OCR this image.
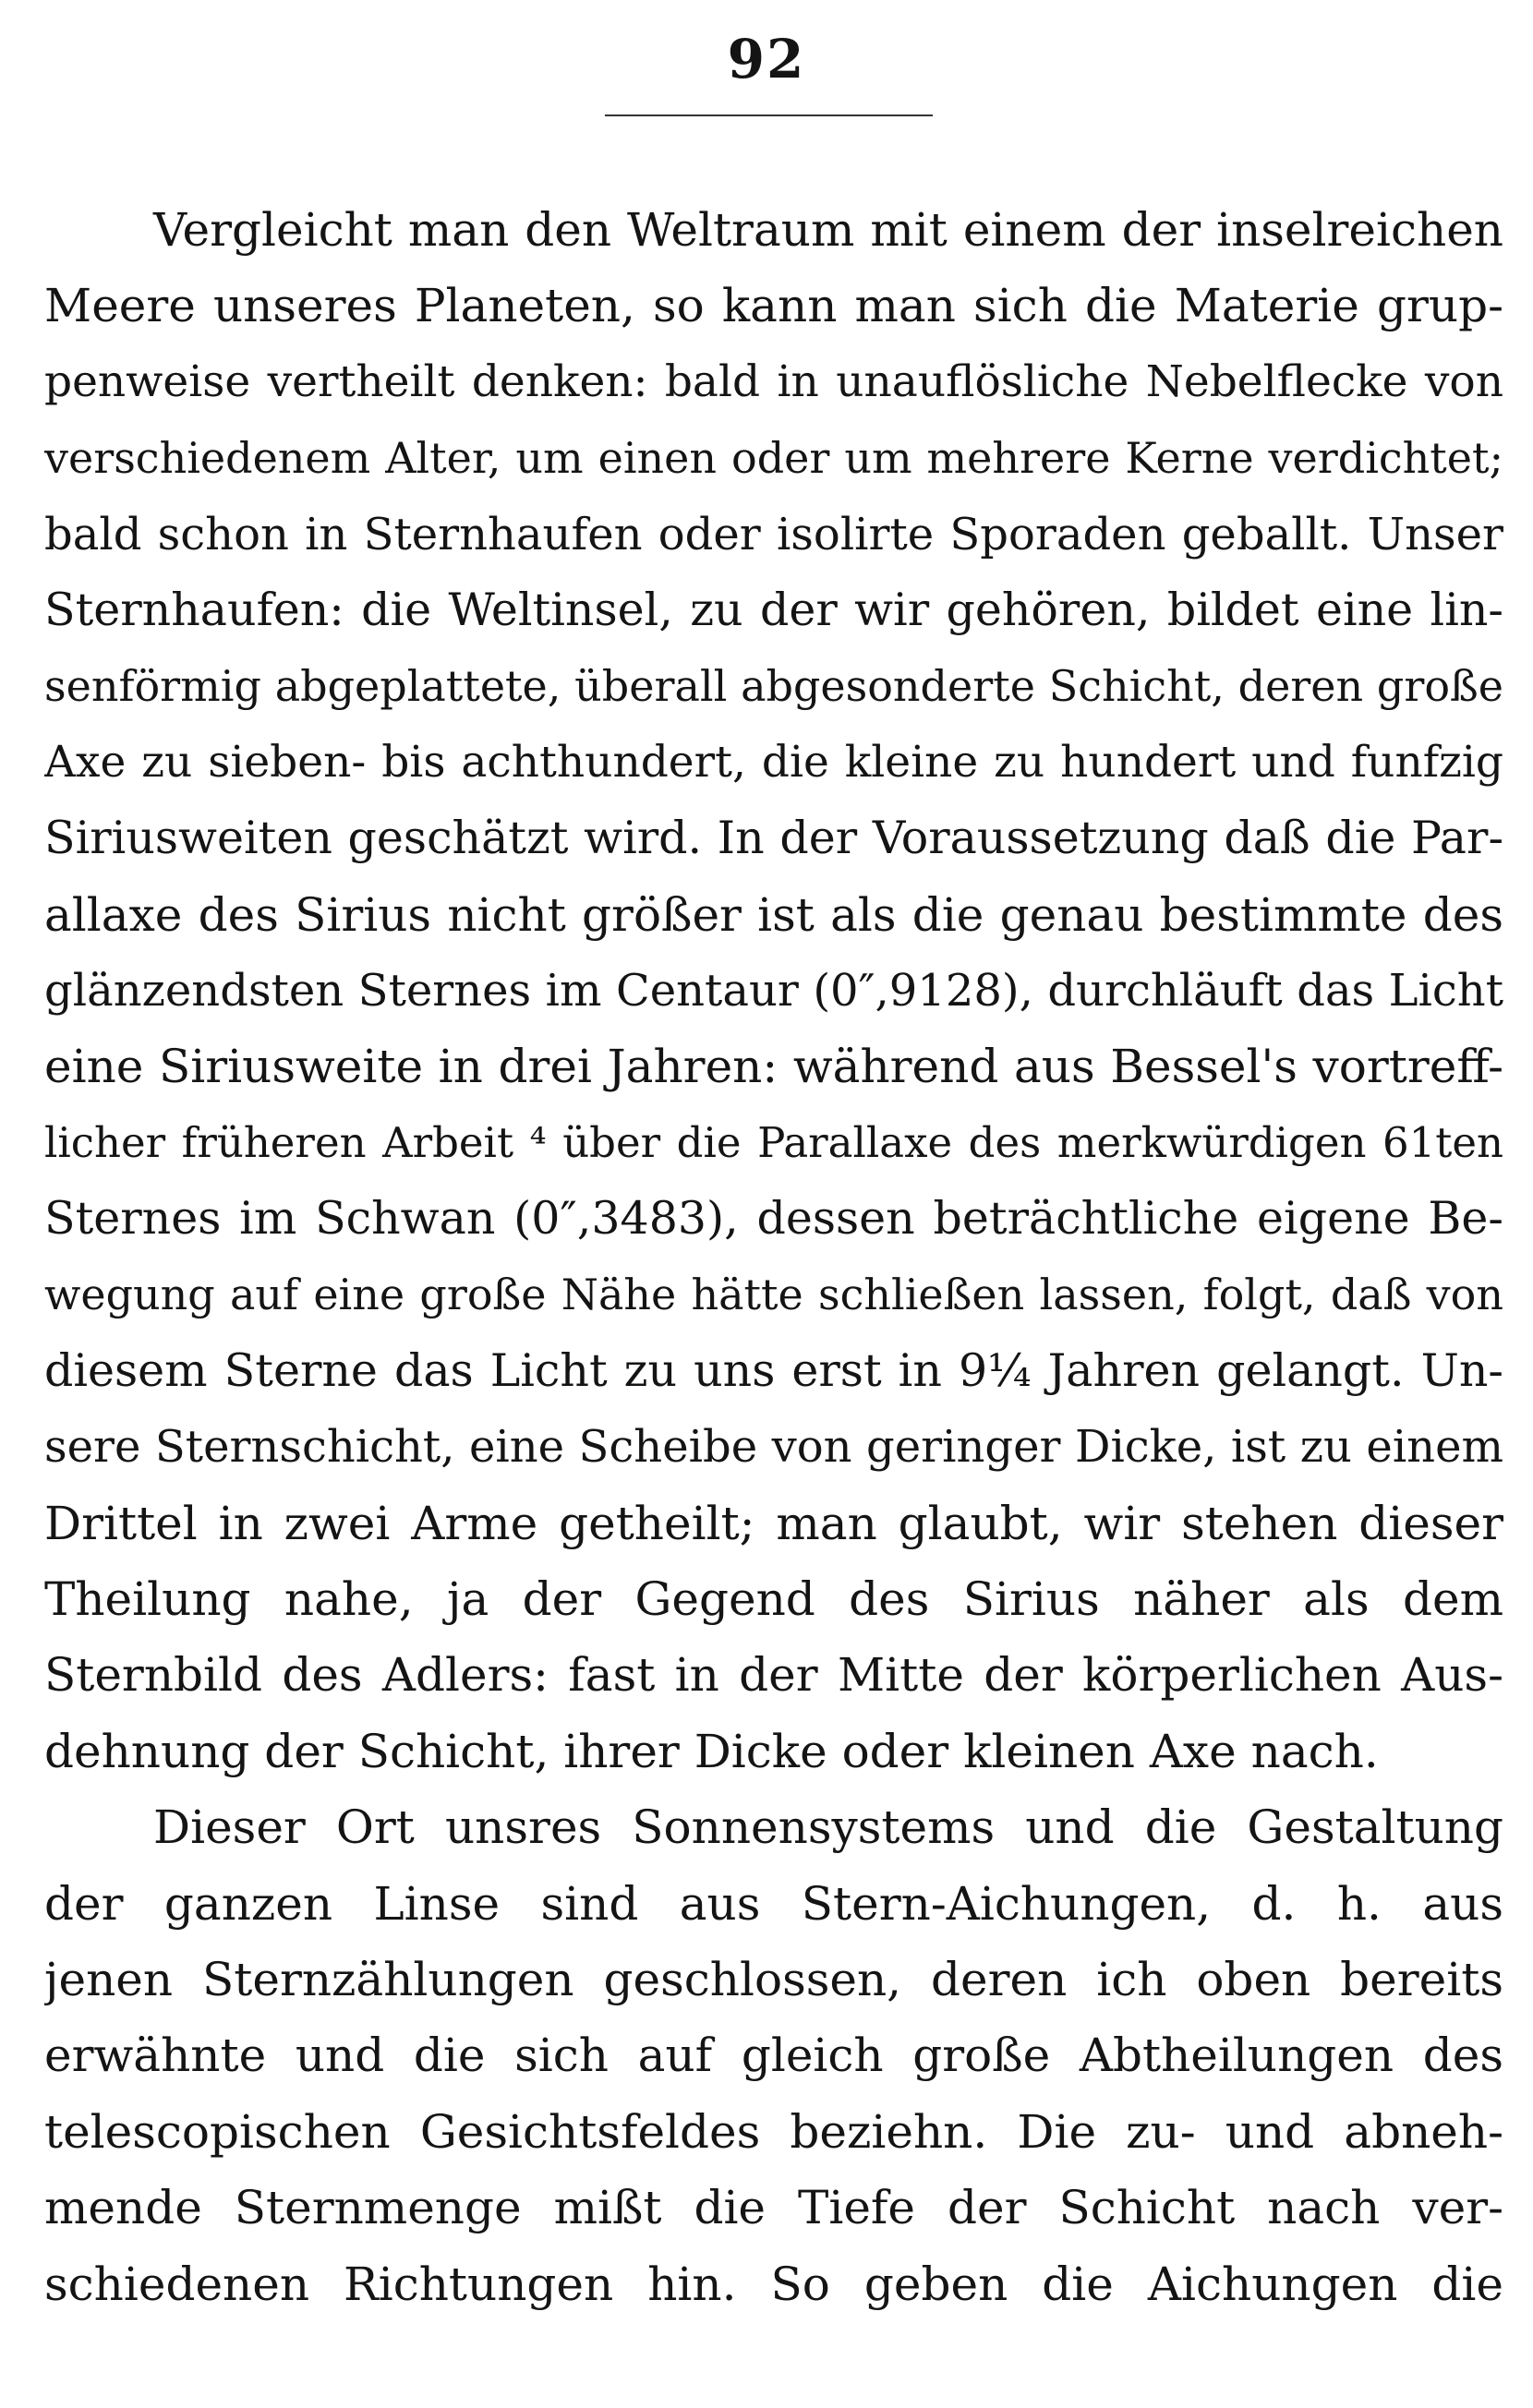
92
Vergleicht man den Weltraum mit einem der inselreichen
Meere unseres Planeten, so kann man sich die Materie grup-
penweise vertheilt denken: bald in unauflösliche Nebelflecke von
verschiedenem Alter, um einen oder um mehrere Kerne verdichtet;
bald schon in Sternhaufen oder isolirte Sporaden geballt. Unser
Sternhaufen: die Weltinsel, zu der wir gehören, bildet eine lin-
senförmig abgeplattete, überall abgesonderte Schicht, deren große
Axe zu sieben- bis achthundert, die kleine zu hundert und funfzig
Siriusweiten geschätzt wird. In der Voraussetzung daß die Par-
allaxe des Sirius nicht größer ist als die genau bestimmte des
glänzendsten Sternes im Centaur (0″,9128), durchläuft das Licht
eine Siriusweite in drei Jahren: während aus Bessel's vortreff-
licher früheren Arbeit ⁴ über die Parallaxe des merkwürdigen 61ten
Sternes im Schwan (0″,3483), dessen beträchtliche eigene Be-
wegung auf eine große Nähe hätte schließen lassen, folgt, daß von
diesem Sterne das Licht zu uns erst in 9¼ Jahren gelangt. Un-
sere Sternschicht, eine Scheibe von geringer Dicke, ist zu einem
Drittel in zwei Arme getheilt; man glaubt, wir stehen dieser
Theilung nahe, ja der Gegend des Sirius näher als dem
Sternbild des Adlers: fast in der Mitte der körperlichen Aus-
dehnung der Schicht, ihrer Dicke oder kleinen Axe nach.
Dieser Ort unsres Sonnensystems und die Gestaltung
der ganzen Linse sind aus Stern-Aichungen, d. h. aus
jenen Sternzählungen geschlossen, deren ich oben bereits
erwähnte und die sich auf gleich große Abtheilungen des
telescopischen Gesichtsfeldes beziehn. Die zu- und abneh-
mende Sternmenge mißt die Tiefe der Schicht nach ver-
schiedenen Richtungen hin. So geben die Aichungen die
